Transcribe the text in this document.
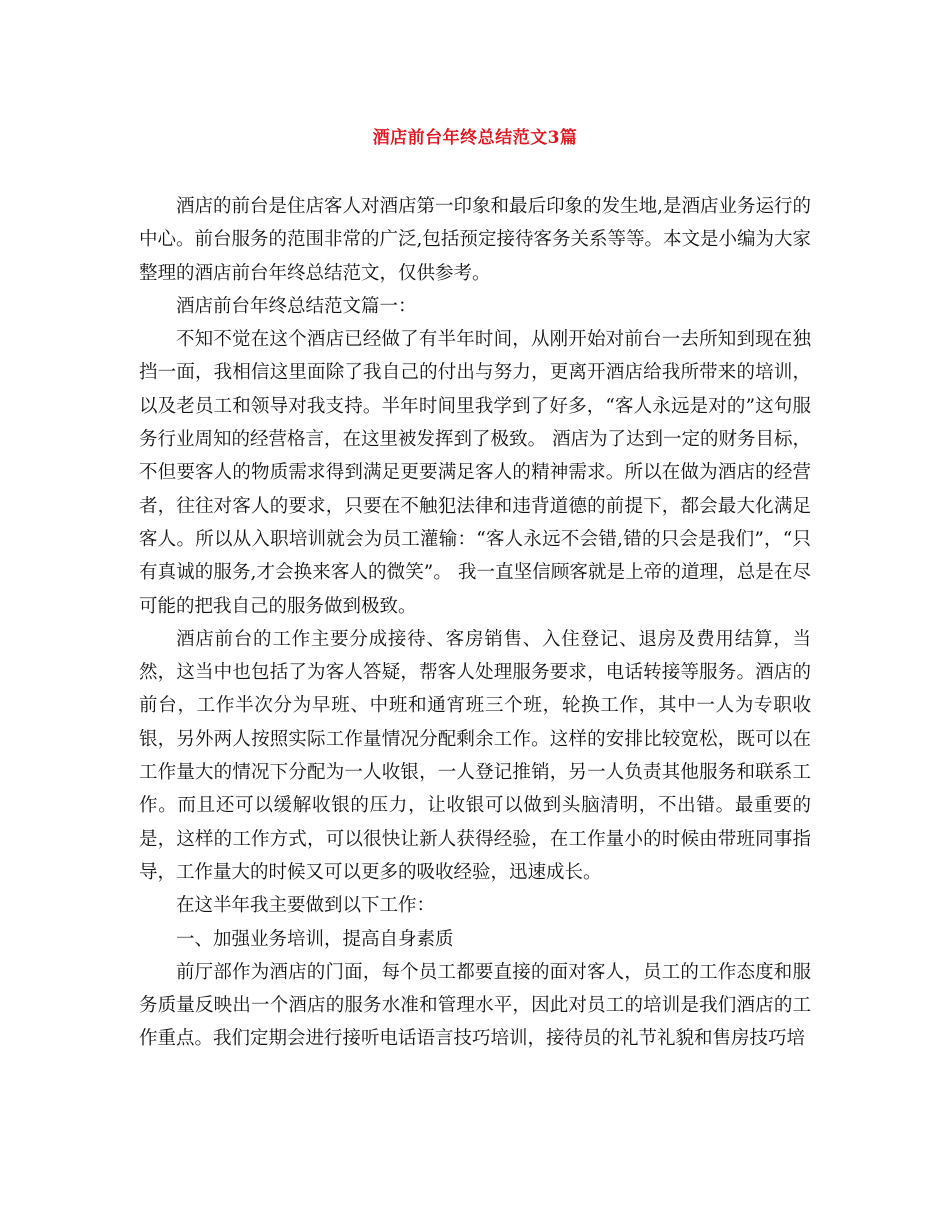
酒店前台年终总结范文3篇

酒店的前台是住店客人对酒店第一印象和最后印象的发生地,是酒店业务运行的中心。前台服务的范围非常的广泛,包括预定接待客务关系等等。本文是小编为大家整理的酒店前台年终总结范文，仅供参考。

酒店前台年终总结范文篇一：

不知不觉在这个酒店已经做了有半年时间，从刚开始对前台一去所知到现在独挡一面，我相信这里面除了我自己的付出与努力，更离开酒店给我所带来的培训，以及老员工和领导对我支持。半年时间里我学到了好多，“客人永远是对的”这句服务行业周知的经营格言，在这里被发挥到了极致。 酒店为了达到一定的财务目标，不但要客人的物质需求得到满足更要满足客人的精神需求。所以在做为酒店的经营者，往往对客人的要求，只要在不触犯法律和违背道德的前提下，都会最大化满足客人。所以从入职培训就会为员工灌输：“客人永远不会错,错的只会是我们”，“只有真诚的服务,才会换来客人的微笑”。 我一直坚信顾客就是上帝的道理，总是在尽可能的把我自己的服务做到极致。

酒店前台的工作主要分成接待、客房销售、入住登记、退房及费用结算，当然，这当中也包括了为客人答疑，帮客人处理服务要求，电话转接等服务。酒店的前台，工作半次分为早班、中班和通宵班三个班，轮换工作，其中一人为专职收银，另外两人按照实际工作量情况分配剩余工作。这样的安排比较宽松，既可以在工作量大的情况下分配为一人收银，一人登记推销，另一人负责其他服务和联系工作。而且还可以缓解收银的压力，让收银可以做到头脑清明，不出错。最重要的是，这样的工作方式，可以很快让新人获得经验，在工作量小的时候由带班同事指导，工作量大的时候又可以更多的吸收经验，迅速成长。

在这半年我主要做到以下工作：

一、加强业务培训，提高自身素质

前厅部作为酒店的门面，每个员工都要直接的面对客人，员工的工作态度和服务质量反映出一个酒店的服务水准和管理水平，因此对员工的培训是我们酒店的工作重点。我们定期会进行接听电话语言技巧培训，接待员的礼节礼貌和售房技巧培
